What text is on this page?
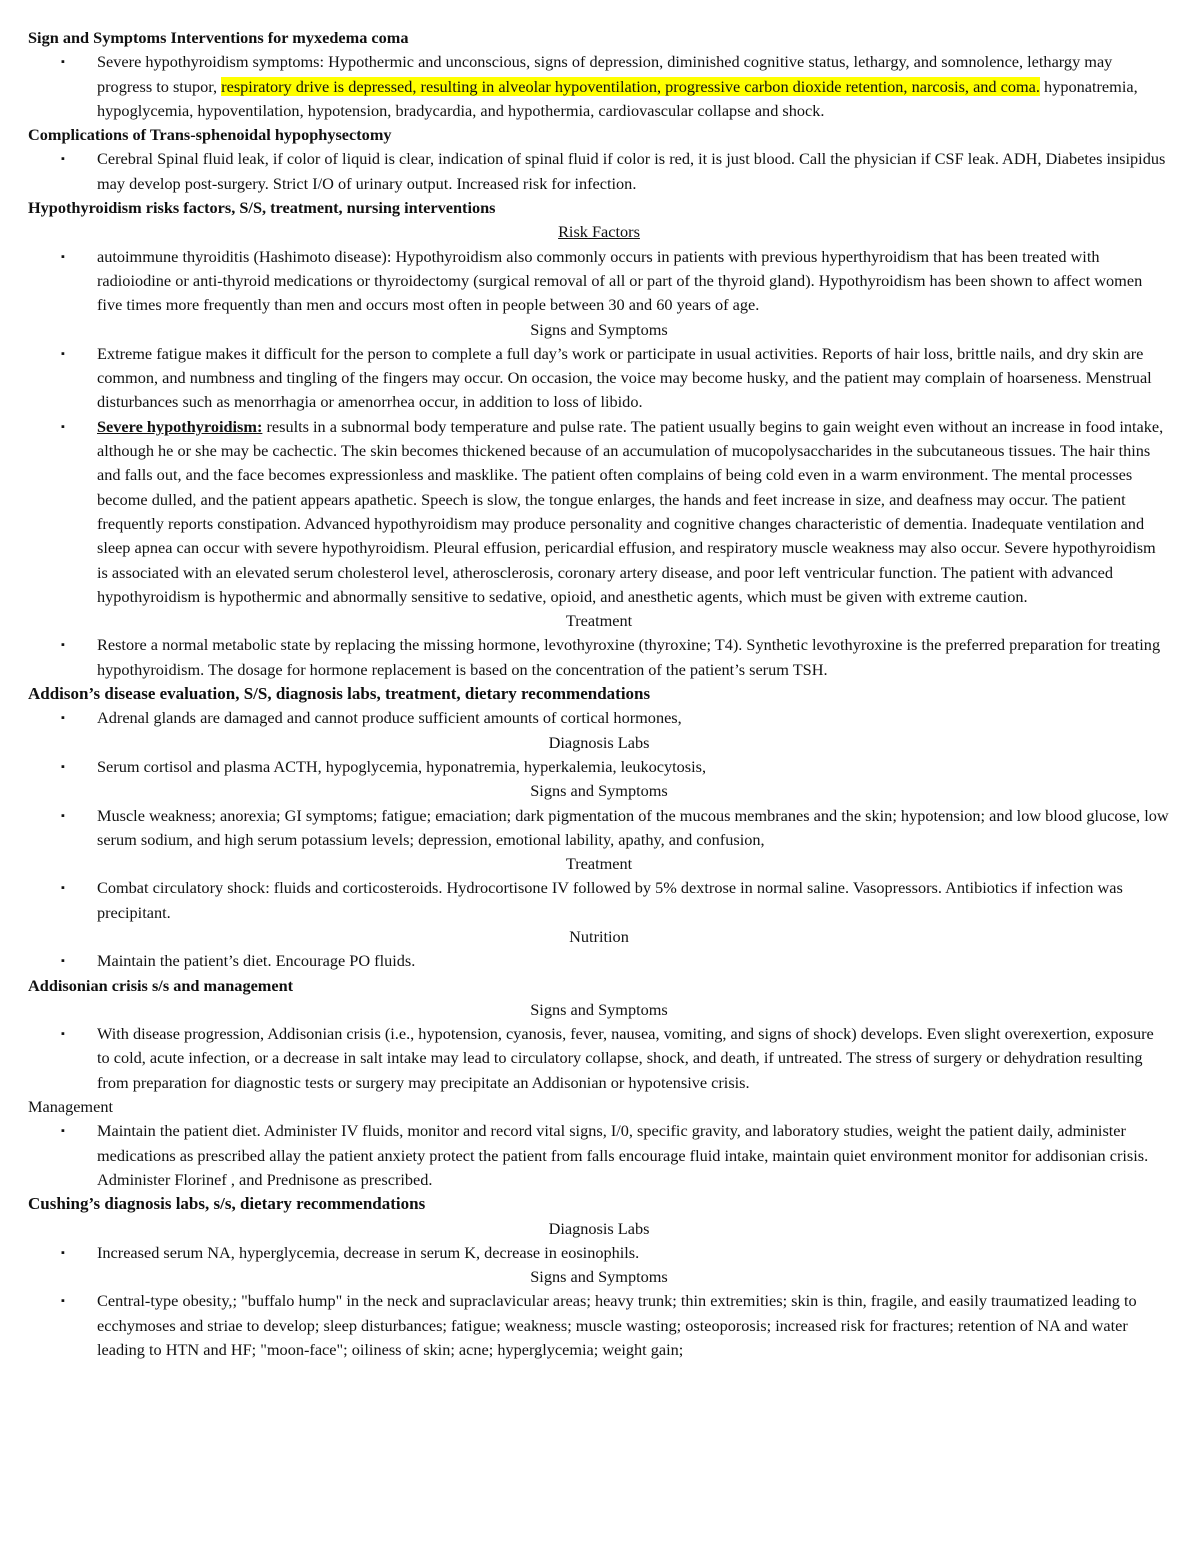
Sign and Symptoms Interventions for myxedema coma

▪ Severe hypothyroidism symptoms: Hypothermic and unconscious, signs of depression, diminished cognitive status, lethargy, and somnolence, lethargy may progress to stupor, respiratory drive is depressed, resulting in alveolar hypoventilation, progressive carbon dioxide retention, narcosis, and coma. hyponatremia, hypoglycemia, hypoventilation, hypotension, bradycardia, and hypothermia, cardiovascular collapse and shock.

Complications of Trans-sphenoidal hypophysectomy

▪ Cerebral Spinal fluid leak, if color of liquid is clear, indication of spinal fluid if color is red, it is just blood. Call the physician if CSF leak. ADH, Diabetes insipidus may develop post-surgery. Strict I/O of urinary output. Increased risk for infection.

Hypothyroidism risks factors, S/S, treatment, nursing interventions

Risk Factors

▪ autoimmune thyroiditis (Hashimoto disease): Hypothyroidism also commonly occurs in patients with previous hyperthyroidism that has been treated with radioiodine or anti-thyroid medications or thyroidectomy (surgical removal of all or part of the thyroid gland). Hypothyroidism has been shown to affect women five times more frequently than men and occurs most often in people between 30 and 60 years of age.

Signs and Symptoms

▪ Extreme fatigue makes it difficult for the person to complete a full day’s work or participate in usual activities. Reports of hair loss, brittle nails, and dry skin are common, and numbness and tingling of the fingers may occur. On occasion, the voice may become husky, and the patient may complain of hoarseness. Menstrual disturbances such as menorrhagia or amenorrhea occur, in addition to loss of libido.
▪ Severe hypothyroidism: results in a subnormal body temperature and pulse rate. The patient usually begins to gain weight even without an increase in food intake, although he or she may be cachectic. The skin becomes thickened because of an accumulation of mucopolysaccharides in the subcutaneous tissues. The hair thins and falls out, and the face becomes expressionless and masklike. The patient often complains of being cold even in a warm environment. The mental processes become dulled, and the patient appears apathetic. Speech is slow, the tongue enlarges, the hands and feet increase in size, and deafness may occur. The patient frequently reports constipation. Advanced hypothyroidism may produce personality and cognitive changes characteristic of dementia. Inadequate ventilation and sleep apnea can occur with severe hypothyroidism. Pleural effusion, pericardial effusion, and respiratory muscle weakness may also occur. Severe hypothyroidism is associated with an elevated serum cholesterol level, atherosclerosis, coronary artery disease, and poor left ventricular function. The patient with advanced hypothyroidism is hypothermic and abnormally sensitive to sedative, opioid, and anesthetic agents, which must be given with extreme caution.

Treatment

▪ Restore a normal metabolic state by replacing the missing hormone, levothyroxine (thyroxine; T4). Synthetic levothyroxine is the preferred preparation for treating hypothyroidism. The dosage for hormone replacement is based on the concentration of the patient’s serum TSH.

Addison’s disease evaluation, S/S, diagnosis labs, treatment, dietary recommendations

▪ Adrenal glands are damaged and cannot produce sufficient amounts of cortical hormones,

Diagnosis Labs

▪ Serum cortisol and plasma ACTH, hypoglycemia, hyponatremia, hyperkalemia, leukocytosis,

Signs and Symptoms

▪ Muscle weakness; anorexia; GI symptoms; fatigue; emaciation; dark pigmentation of the mucous membranes and the skin; hypotension; and low blood glucose, low serum sodium, and high serum potassium levels; depression, emotional lability, apathy, and confusion,

Treatment

▪ Combat circulatory shock: fluids and corticosteroids. Hydrocortisone IV followed by 5% dextrose in normal saline. Vasopressors. Antibiotics if infection was precipitant.

Nutrition

▪ Maintain the patient’s diet. Encourage PO fluids.

Addisonian crisis s/s and management

Signs and Symptoms

▪ With disease progression, Addisonian crisis (i.e., hypotension, cyanosis, fever, nausea, vomiting, and signs of shock) develops. Even slight overexertion, exposure to cold, acute infection, or a decrease in salt intake may lead to circulatory collapse, shock, and death, if untreated. The stress of surgery or dehydration resulting from preparation for diagnostic tests or surgery may precipitate an Addisonian or hypotensive crisis.

Management

▪ Maintain the patient diet. Administer IV fluids, monitor and record vital signs, I/0, specific gravity, and laboratory studies, weight the patient daily, administer medications as prescribed allay the patient anxiety protect the patient from falls encourage fluid intake, maintain quiet environment monitor for addisonian crisis. Administer Florinef , and Prednisone as prescribed.

Cushing’s diagnosis labs, s/s, dietary recommendations

Diagnosis Labs

▪ Increased serum NA, hyperglycemia, decrease in serum K, decrease in eosinophils.

Signs and Symptoms

▪ Central-type obesity,; "buffalo hump" in the neck and supraclavicular areas; heavy trunk; thin extremities; skin is thin, fragile, and easily traumatized leading to ecchymoses and striae to develop; sleep disturbances; fatigue; weakness; muscle wasting; osteoporosis; increased risk for fractures; retention of NA and water leading to HTN and HF; "moon-face"; oiliness of skin; acne; hyperglycemia; weight gain;
